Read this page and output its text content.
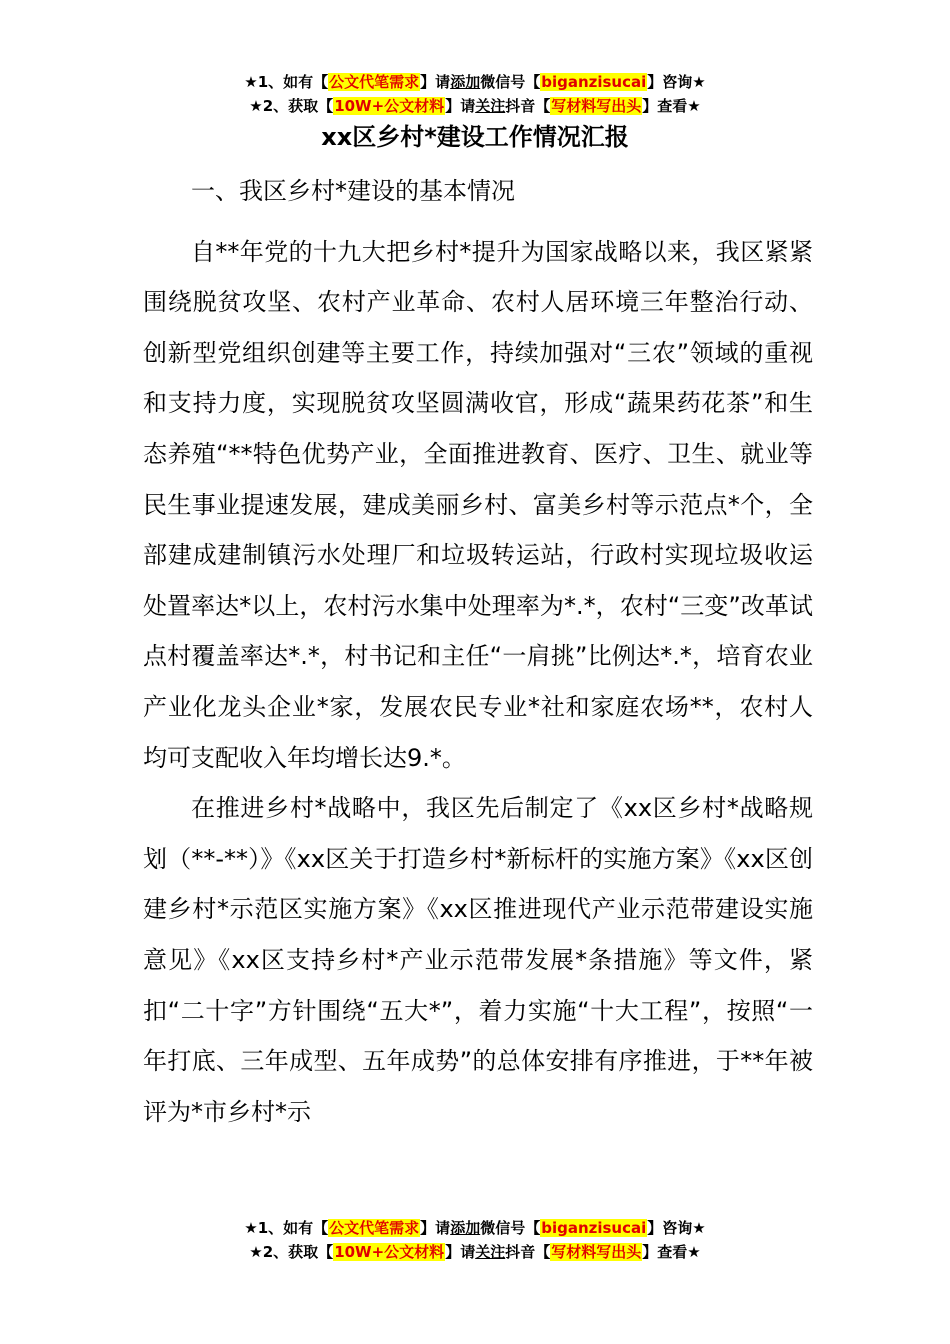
★1、如有【公文代笔需求】请添加微信号【biganzisucai】咨询★
★2、获取【10W+公文材料】请关注抖音【写材料写出头】查看★
xx区乡村*建设工作情况汇报

一、我区乡村*建设的基本情况

自**年党的十九大把乡村*提升为国家战略以来，我区紧紧围绕脱贫攻坚、农村产业革命、农村人居环境三年整治行动、创新型党组织创建等主要工作，持续加强对“三农”领域的重视和支持力度，实现脱贫攻坚圆满收官，形成“蔬果药花茶”和生态养殖“**特色优势产业，全面推进教育、医疗、卫生、就业等民生事业提速发展，建成美丽乡村、富美乡村等示范点*个，全部建成建制镇污水处理厂和垃圾转运站，行政村实现垃圾收运处置率达*以上，农村污水集中处理率为*.*，农村“三变”改革试点村覆盖率达*.*，村书记和主任“一肩挑”比例达*.*，培育农业产业化龙头企业*家，发展农民专业*社和家庭农场**，农村人均可支配收入年均增长达9.*。

在推进乡村*战略中，我区先后制定了《xx区乡村*战略规划（**-**）》《xx区关于打造乡村*新标杆的实施方案》《xx区创建乡村*示范区实施方案》《xx区推进现代产业示范带建设实施意见》《xx区支持乡村*产业示范带发展*条措施》等文件，紧扣“二十字”方针围绕“五大*”，着力实施“十大工程”，按照“一年打底、三年成型、五年成势”的总体安排有序推进，于**年被评为*市乡村*示

★1、如有【公文代笔需求】请添加微信号【biganzisucai】咨询★
★2、获取【10W+公文材料】请关注抖音【写材料写出头】查看★
